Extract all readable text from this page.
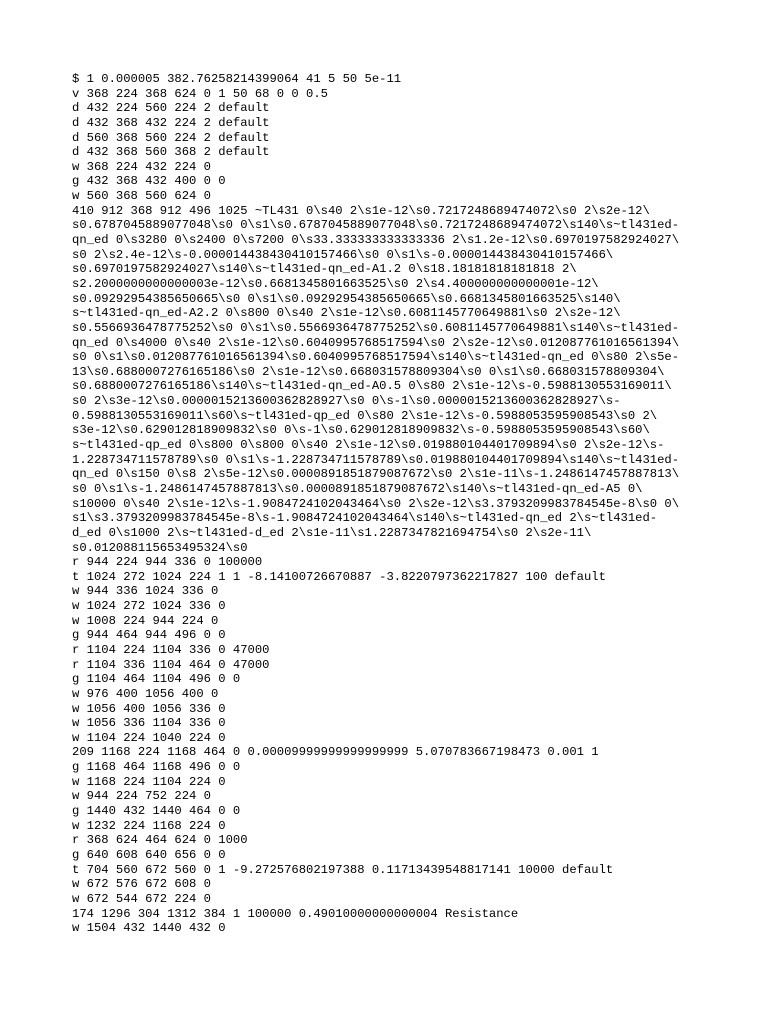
$ 1 0.000005 382.76258214399064 41 5 50 5e-11
v 368 224 368 624 0 1 50 68 0 0 0.5
d 432 224 560 224 2 default
d 432 368 432 224 2 default
d 560 368 560 224 2 default
d 432 368 560 368 2 default
w 368 224 432 224 0
g 432 368 432 400 0 0
w 560 368 560 624 0
410 912 368 912 496 1025 ~TL431 0\s40 2\s1e-12\s0.7217248689474072\s0 2\s2e-12\
s0.6787045889077048\s0 0\s1\s0.6787045889077048\s0.7217248689474072\s140\s~tl431ed-
qn_ed 0\s3280 0\s2400 0\s7200 0\s33.333333333333336 2\s1.2e-12\s0.6970197582924027\
s0 2\s2.4e-12\s-0.000014438430410157466\s0 0\s1\s-0.000014438430410157466\
s0.6970197582924027\s140\s~tl431ed-qn_ed-A1.2 0\s18.18181818181818 2\
s2.2000000000000003e-12\s0.6681345801663525\s0 2\s4.400000000000001e-12\
s0.09292954385650665\s0 0\s1\s0.09292954385650665\s0.6681345801663525\s140\
s~tl431ed-qn_ed-A2.2 0\s800 0\s40 2\s1e-12\s0.6081145770649881\s0 2\s2e-12\
s0.5566936478775252\s0 0\s1\s0.5566936478775252\s0.6081145770649881\s140\s~tl431ed-
qn_ed 0\s4000 0\s40 2\s1e-12\s0.6040995768517594\s0 2\s2e-12\s0.012087761016561394\
s0 0\s1\s0.012087761016561394\s0.6040995768517594\s140\s~tl431ed-qn_ed 0\s80 2\s5e-
13\s0.6880007276165186\s0 2\s1e-12\s0.668031578809304\s0 0\s1\s0.668031578809304\
s0.6880007276165186\s140\s~tl431ed-qn_ed-A0.5 0\s80 2\s1e-12\s-0.5988130553169011\
s0 2\s3e-12\s0.0000015213600362828927\s0 0\s-1\s0.0000015213600362828927\s-
0.5988130553169011\s60\s~tl431ed-qp_ed 0\s80 2\s1e-12\s-0.5988053595908543\s0 2\
s3e-12\s0.629012818909832\s0 0\s-1\s0.629012818909832\s-0.5988053595908543\s60\
s~tl431ed-qp_ed 0\s800 0\s800 0\s40 2\s1e-12\s0.019880104401709894\s0 2\s2e-12\s-
1.228734711578789\s0 0\s1\s-1.228734711578789\s0.019880104401709894\s140\s~tl431ed-
qn_ed 0\s150 0\s8 2\s5e-12\s0.0000891851879087672\s0 2\s1e-11\s-1.2486147457887813\
s0 0\s1\s-1.2486147457887813\s0.0000891851879087672\s140\s~tl431ed-qn_ed-A5 0\
s10000 0\s40 2\s1e-12\s-1.9084724102043464\s0 2\s2e-12\s3.3793209983784545e-8\s0 0\
s1\s3.3793209983784545e-8\s-1.9084724102043464\s140\s~tl431ed-qn_ed 2\s~tl431ed-
d_ed 0\s1000 2\s~tl431ed-d_ed 2\s1e-11\s1.2287347821694754\s0 2\s2e-11\
s0.012088115653495324\s0
r 944 224 944 336 0 100000
t 1024 272 1024 224 1 1 -8.14100726670887 -3.8220797362217827 100 default
w 944 336 1024 336 0
w 1024 272 1024 336 0
w 1008 224 944 224 0
g 944 464 944 496 0 0
r 1104 224 1104 336 0 47000
r 1104 336 1104 464 0 47000
g 1104 464 1104 496 0 0
w 976 400 1056 400 0
w 1056 400 1056 336 0
w 1056 336 1104 336 0
w 1104 224 1040 224 0
209 1168 224 1168 464 0 0.00009999999999999999 5.070783667198473 0.001 1
g 1168 464 1168 496 0 0
w 1168 224 1104 224 0
w 944 224 752 224 0
g 1440 432 1440 464 0 0
w 1232 224 1168 224 0
r 368 624 464 624 0 1000
g 640 608 640 656 0 0
t 704 560 672 560 0 1 -9.272576802197388 0.11713439548817141 10000 default
w 672 576 672 608 0
w 672 544 672 224 0
174 1296 304 1312 384 1 100000 0.49010000000000004 Resistance
w 1504 432 1440 432 0
